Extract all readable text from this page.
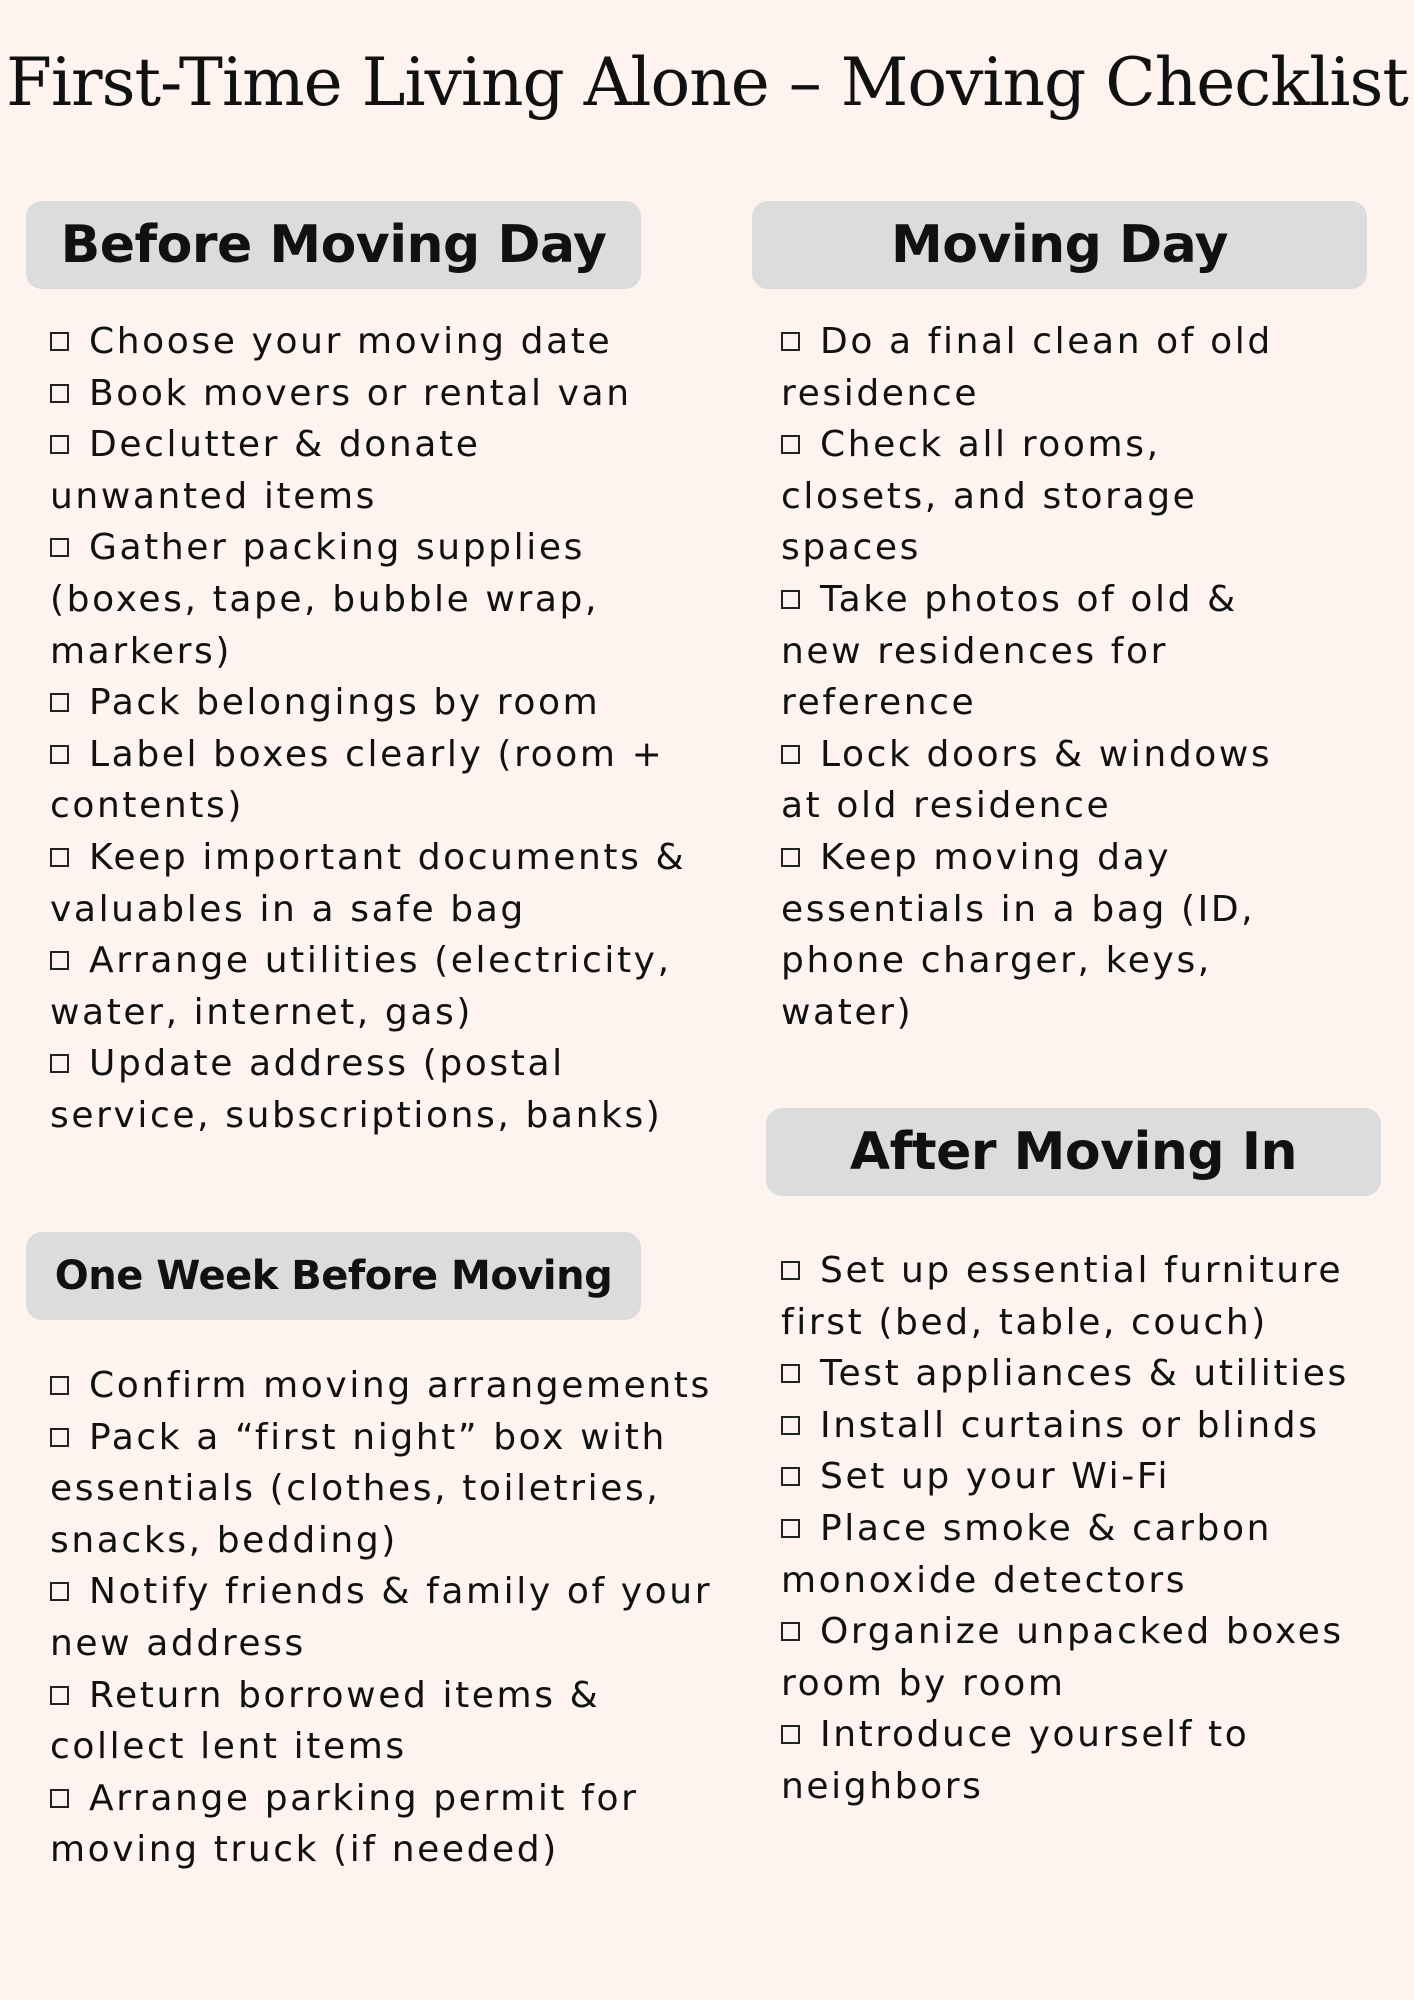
First-Time Living Alone – Moving Checklist
Before Moving Day
Choose your moving date
Book movers or rental van
Declutter & donate unwanted items
Gather packing supplies (boxes, tape, bubble wrap, markers)
Pack belongings by room
Label boxes clearly (room + contents)
Keep important documents & valuables in a safe bag
Arrange utilities (electricity, water, internet, gas)
Update address (postal service, subscriptions, banks)
Moving Day
Do a final clean of old residence
Check all rooms, closets, and storage spaces
Take photos of old & new residences for reference
Lock doors & windows at old residence
Keep moving day essentials in a bag (ID, phone charger, keys, water)
One Week Before Moving
Confirm moving arrangements
Pack a “first night” box with essentials (clothes, toiletries, snacks, bedding)
Notify friends & family of your new address
Return borrowed items & collect lent items
Arrange parking permit for moving truck (if needed)
After Moving In
Set up essential furniture first (bed, table, couch)
Test appliances & utilities
Install curtains or blinds
Set up your Wi-Fi
Place smoke & carbon monoxide detectors
Organize unpacked boxes room by room
Introduce yourself to neighbors
